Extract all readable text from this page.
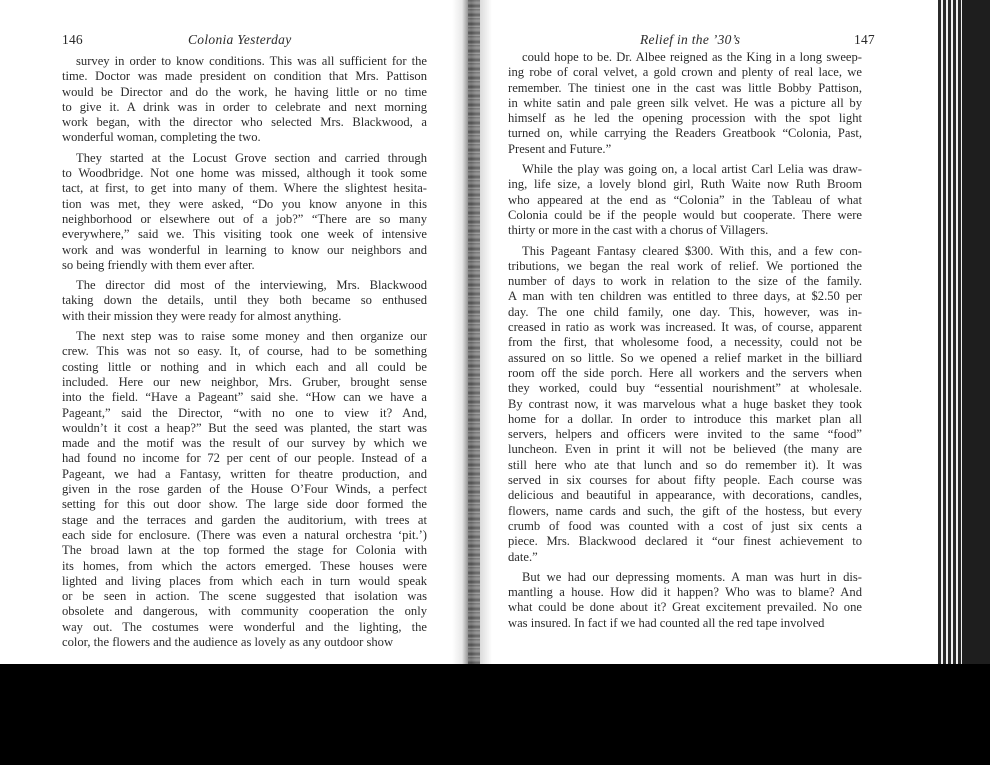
146	Colonia Yesterday	Relief in the ’30’s	147

survey in order to know conditions. This was all sufficient for the
time. Doctor was made president on condition that Mrs. Pattison
would be Director and do the work, he having little or no time
to give it. A drink was in order to celebrate and next morning
work began, with the director who selected Mrs. Blackwood, a
wonderful woman, completing the two.

They started at the Locust Grove section and carried through
to Woodbridge. Not one home was missed, although it took some
tact, at first, to get into many of them. Where the slightest hesita-
tion was met, they were asked, “Do you know anyone in this
neighborhood or elsewhere out of a job?” “There are so many
everywhere,” said we. This visiting took one week of intensive
work and was wonderful in learning to know our neighbors and
so being friendly with them ever after.

The director did most of the interviewing, Mrs. Blackwood
taking down the details, until they both became so enthused
with their mission they were ready for almost anything.

The next step was to raise some money and then organize our
crew. This was not so easy. It, of course, had to be something
costing little or nothing and in which each and all could be
included. Here our new neighbor, Mrs. Gruber, brought sense
into the field. “Have a Pageant” said she. “How can we have a
Pageant,” said the Director, “with no one to view it? And,
wouldn’t it cost a heap?” But the seed was planted, the start was
made and the motif was the result of our survey by which we
had found no income for 72 per cent of our people. Instead of a
Pageant, we had a Fantasy, written for theatre production, and
given in the rose garden of the House O’Four Winds, a perfect
setting for this out door show. The large side door formed the
stage and the terraces and garden the auditorium, with trees at
each side for enclosure. (There was even a natural orchestra ‘pit.’)
The broad lawn at the top formed the stage for Colonia with
its homes, from which the actors emerged. These houses were
lighted and living places from which each in turn would speak
or be seen in action. The scene suggested that isolation was
obsolete and dangerous, with community cooperation the only
way out. The costumes were wonderful and the lighting, the
color, the flowers and the audience as lovely as any outdoor show

could hope to be. Dr. Albee reigned as the King in a long sweep-
ing robe of coral velvet, a gold crown and plenty of real lace, we
remember. The tiniest one in the cast was little Bobby Pattison,
in white satin and pale green silk velvet. He was a picture all by
himself as he led the opening procession with the spot light
turned on, while carrying the Readers Greatbook “Colonia, Past,
Present and Future.”

While the play was going on, a local artist Carl Lelia was draw-
ing, life size, a lovely blond girl, Ruth Waite now Ruth Broom
who appeared at the end as “Colonia” in the Tableau of what
Colonia could be if the people would but cooperate. There were
thirty or more in the cast with a chorus of Villagers.

This Pageant Fantasy cleared $300. With this, and a few con-
tributions, we began the real work of relief. We portioned the
number of days to work in relation to the size of the family.
A man with ten children was entitled to three days, at $2.50 per
day. The one child family, one day. This, however, was in-
creased in ratio as work was increased. It was, of course, apparent
from the first, that wholesome food, a necessity, could not be
assured on so little. So we opened a relief market in the billiard
room off the side porch. Here all workers and the servers when
they worked, could buy “essential nourishment” at wholesale.
By contrast now, it was marvelous what a huge basket they took
home for a dollar. In order to introduce this market plan all
servers, helpers and officers were invited to the same “food”
luncheon. Even in print it will not be believed (the many are
still here who ate that lunch and so do remember it). It was
served in six courses for about fifty people. Each course was
delicious and beautiful in appearance, with decorations, candles,
flowers, name cards and such, the gift of the hostess, but every
crumb of food was counted with a cost of just six cents a
piece. Mrs. Blackwood declared it “our finest achievement to
date.”

But we had our depressing moments. A man was hurt in dis-
mantling a house. How did it happen? Who was to blame? And
what could be done about it? Great excitement prevailed. No one
was insured. In fact if we had counted all the red tape involved
